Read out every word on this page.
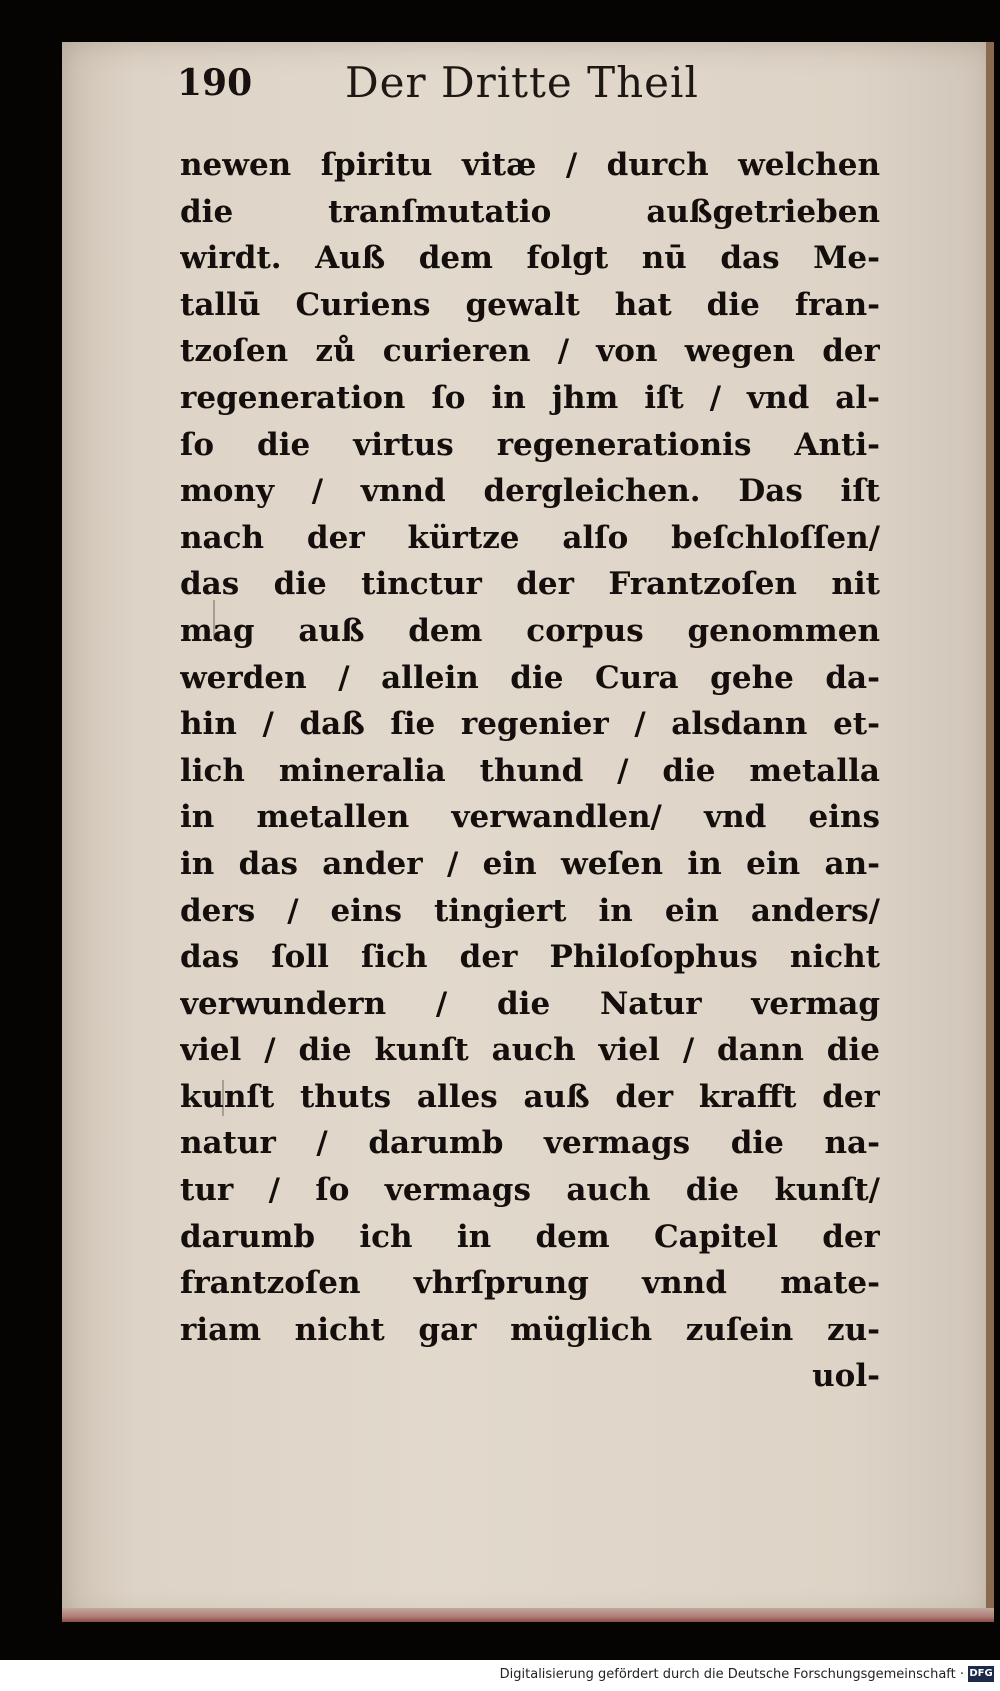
190 Der Dritte Theil
newen ſpiritu vitæ / durch welchen
die tranſmutatio außgetrieben
wirdt. Auß dem folgt nū das Me-
tallū Curiens gewalt hat die fran-
tzoſen zů curieren / von wegen der
regeneration ſo in jhm iſt / vnd al-
ſo die virtus regenerationis Anti-
mony / vnnd dergleichen. Das iſt
nach der kürtze alſo beſchloſſen/
das die tinctur der Frantzoſen nit
mag auß dem corpus genommen
werden / allein die Cura gehe da-
hin / daß ſie regenier / alsdann et-
lich mineralia thund / die metalla
in metallen verwandlen/ vnd eins
in das ander / ein weſen in ein an-
ders / eins tingiert in ein anders/
das ſoll ſich der Philoſophus nicht
verwundern / die Natur vermag
viel / die kunſt auch viel / dann die
kunſt thuts alles auß der krafft der
natur / darumb vermags die na-
tur / ſo vermags auch die kunſt/
darumb ich in dem Capitel der
frantzoſen vhrſprung vnnd mate-
riam nicht gar müglich zuſein zu-
uol-
Digitalisierung gefördert durch die Deutsche Forschungsgemeinschaft · DFG
